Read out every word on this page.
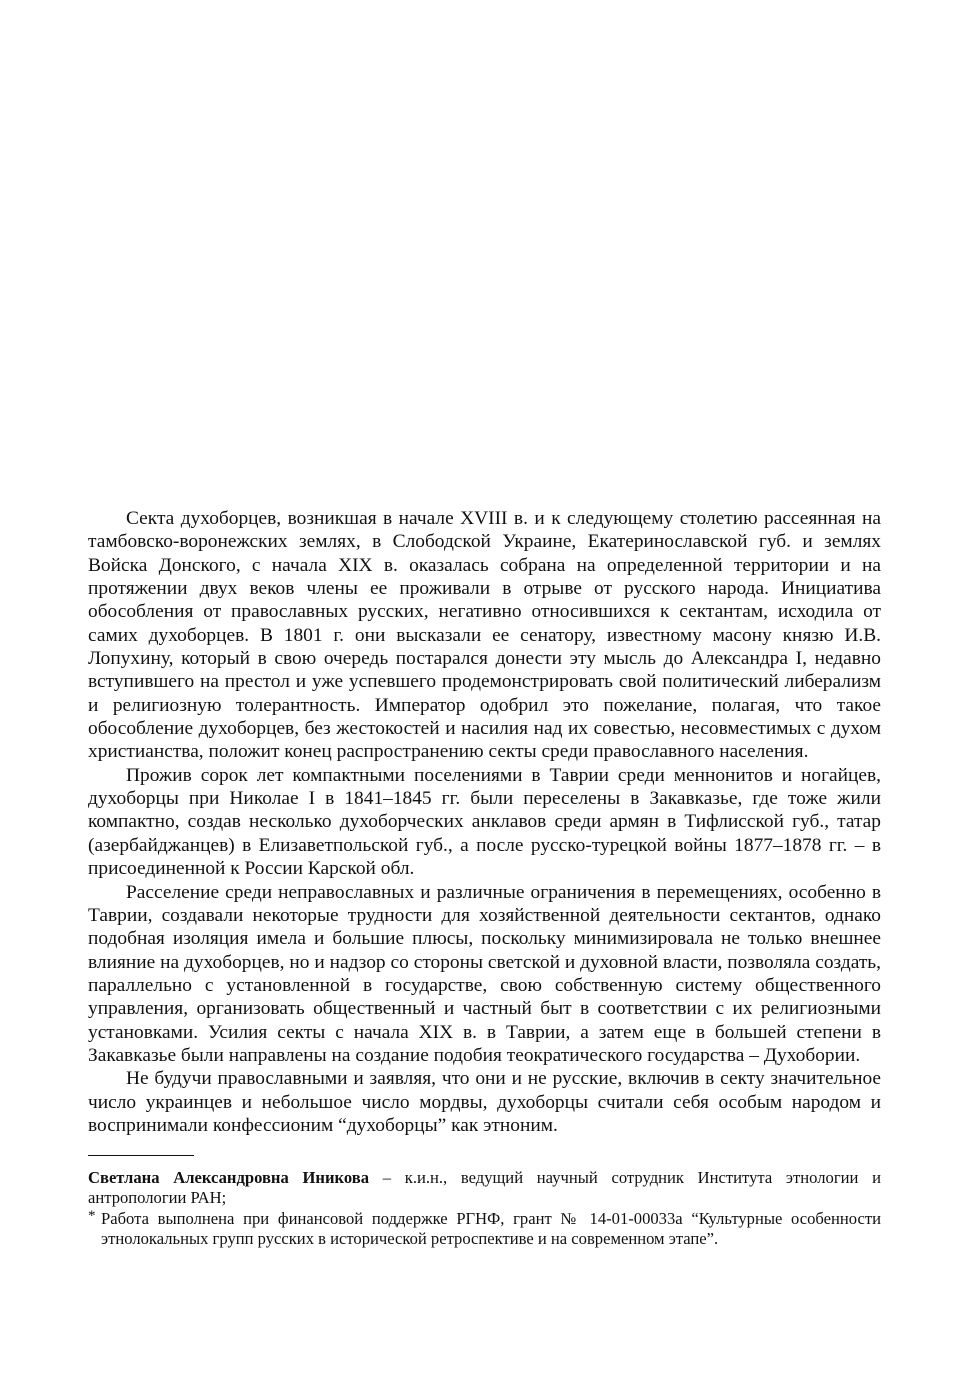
Секта духоборцев, возникшая в начале XVIII в. и к следующему столетию рассеянная на тамбовско-воронежских землях, в Слободской Украине, Екатеринославской губ. и землях Войска Донского, с начала XIX в. оказалась собрана на определенной территории и на протяжении двух веков члены ее проживали в отрыве от русского народа. Инициатива обособления от православных русских, негативно относившихся к сектантам, исходила от самих духоборцев. В 1801 г. они высказали ее сенатору, известному масону князю И.В. Лопухину, который в свою очередь постарался донести эту мысль до Александра I, недавно вступившего на престол и уже успевшего продемонстрировать свой политический либерализм и религиозную толерантность. Император одобрил это пожелание, полагая, что такое обособление духоборцев, без жестокостей и насилия над их совестью, несовместимых с духом христианства, положит конец распространению секты среди православного населения.

Прожив сорок лет компактными поселениями в Таврии среди меннонитов и ногайцев, духоборцы при Николае I в 1841–1845 гг. были переселены в Закавказье, где тоже жили компактно, создав несколько духоборческих анклавов среди армян в Тифлисской губ., татар (азербайджанцев) в Елизаветпольской губ., а после русско-турецкой войны 1877–1878 гг. – в присоединенной к России Карской обл.

Расселение среди неправославных и различные ограничения в перемещениях, особенно в Таврии, создавали некоторые трудности для хозяйственной деятельности сектантов, однако подобная изоляция имела и большие плюсы, поскольку минимизировала не только внешнее влияние на духоборцев, но и надзор со стороны светской и духовной власти, позволяла создать, параллельно с установленной в государстве, свою собственную систему общественного управления, организовать общественный и частный быт в соответствии с их религиозными установками. Усилия секты с начала XIX в. в Таврии, а затем еще в большей степени в Закавказье были направлены на создание подобия теократического государства – Духобории.

Не будучи православными и заявляя, что они и не русские, включив в секту значительное число украинцев и небольшое число мордвы, духоборцы считали себя особым народом и воспринимали конфессионим “духоборцы” как этноним.

Светлана Александровна Иникова – к.и.н., ведущий научный сотрудник Института этнологии и антропологии РАН;

* Работа выполнена при финансовой поддержке РГНФ, грант № 14-01-00033а “Культурные особенности этнолокальных групп русских в исторической ретроспективе и на современном этапе”.
